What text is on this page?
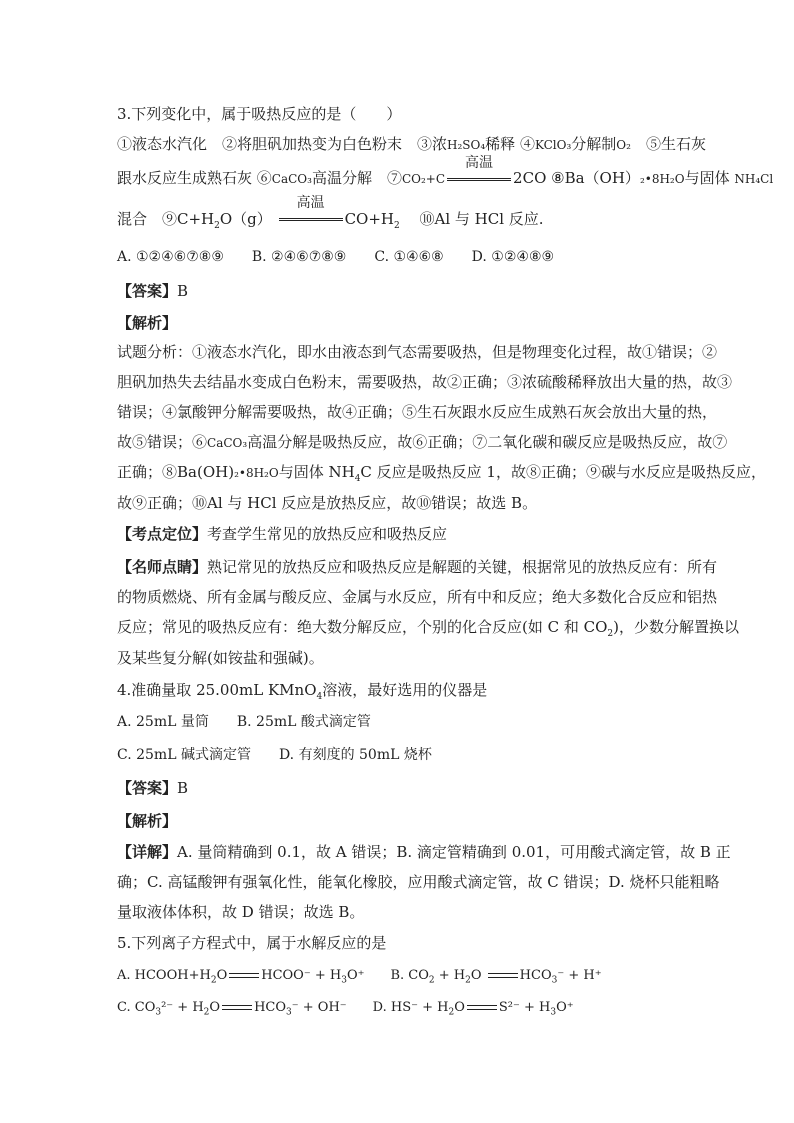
3.下列变化中，属于吸热反应的是（　　）
①液态水汽化　②将胆矾加热变为白色粉末　③浓H₂SO₄稀释 ④KClO₃分解制O₂　 ⑤生石灰
跟水反应生成熟石灰 ⑥CaCO₃高温分解　⑦CO₂+C
高温
2CO ⑧Ba（OH）₂•8H₂O与固体 NH₄Cl
混合　$⑨C+H_2O(g)$
高温
$CO+H_2$　 ⑩Al 与 HCl 反应.
A. ①②④⑥⑦⑧⑨　　B. ②④⑥⑦⑧⑨　　C. ①④⑥⑧　　D. ①②④⑧⑨
【答案】B
【解析】
试题分析：①液态水汽化，即水由液态到气态需要吸热，但是物理变化过程，故①错误；②
胆矾加热失去结晶水变成白色粉末，需要吸热，故②正确；③浓硫酸稀释放出大量的热，故③
错误；④氯酸钾分解需要吸热，故④正确；⑤生石灰跟水反应生成熟石灰会放出大量的热，
故⑤错误；⑥CaCO₃高温分解是吸热反应，故⑥正确；⑦二氧化碳和碳反应是吸热反应，故⑦
正确；⑧Ba(OH)₂•8H₂O与固体 $NH_4C$ 反应是吸热反应 1，故⑧正确；⑨碳与水反应是吸热反应，
故⑨正确；⑩Al 与 HCl 反应是放热反应，故⑩错误；故选 B。
【考点定位】考查学生常见的放热反应和吸热反应
【名师点睛】熟记常见的放热反应和吸热反应是解题的关键，根据常见的放热反应有：所有
的物质燃烧、所有金属与酸反应、金属与水反应，所有中和反应；绝大多数化合反应和铝热
反应；常见的吸热反应有：绝大数分解反应，个别的化合反应(如 C 和 $CO_2$)，少数分解置换以
及某些复分解(如铵盐和强碱)。
4.准确量取 25.00mL KMnO$_4$溶液，最好选用的仪器是
A. 25mL 量筒　　B. 25mL 酸式滴定管
C. 25mL 碱式滴定管　　D. 有刻度的 50mL 烧杯
【答案】B
【解析】
【详解】A. 量筒精确到 0.1，故 A 错误；B. 滴定管精确到 0.01，可用酸式滴定管，故 B 正
确；C. 高锰酸钾有强氧化性，能氧化橡胶，应用酸式滴定管，故 C 错误；D. 烧杯只能粗略
量取液体体积，故 D 错误；故选 B。
5.下列离子方程式中，属于水解反应的是
A. $HCOOH+H_2O$	HCOO⁻ + $H_3O^+$　　B. $CO_2 + H_2O$	$HCO_3^- + H^+$
C. $CO_3^{2-} + H_2O$	$HCO_3^- + OH^-$　　D. $HS^- + H_2O$	$S^{2-} + H_3O^+$
